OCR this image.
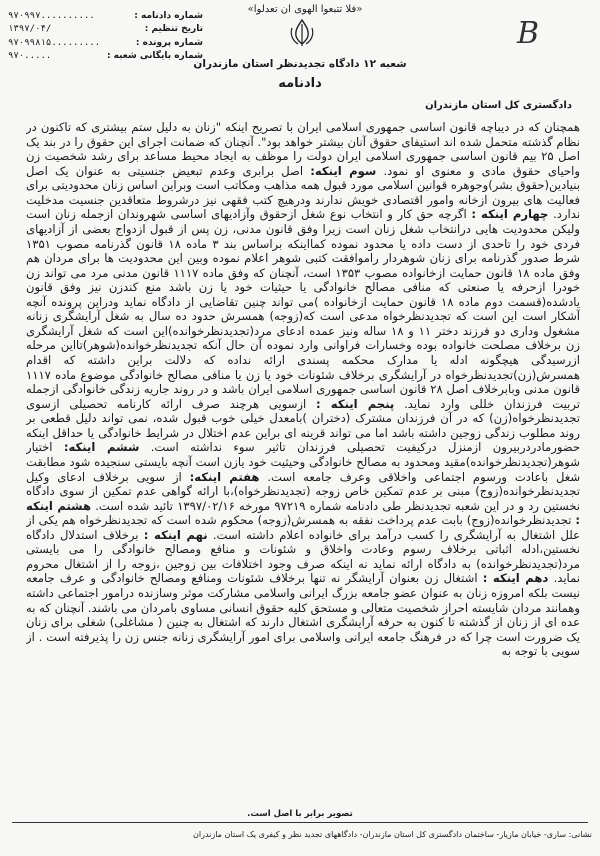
شماره دادنامه :
۹۷۰۹۹۷..........
تاریخ تنظیم :
۱۳۹۷/۰۴/
شماره پرونده :
۹۷۰۹۹۸۱۵.........
شماره بایگانی شعبه :
۹۷۰.....
«فلا تتبعوا الهوی ان تعدلوا»
شعبه ۱۲ دادگاه تجدیدنظر استان مازندران
دادنامه
B
دادگستری کل استان مازندران
همچنان که در دیباچه قانون اساسی جمهوری اسلامی ایران با تصریح اینکه "زنان به دلیل ستم بیشتری که تاکنون در نظام گذشته متحمل شده اند استیفای حقوق آنان بیشتر خواهد بود". آنچنان که ضمانت اجرای این حقوق را در بند یک اصل ۲۵ بیم قانون اساسی جمهوری اسلامی ایران دولت را موظف به ایجاد محیط مساعد برای رشد شخصیت زن واحیای حقوق مادی و معنوی او نمود. سوم اینکه: اصل برابری وعدم تبعیض جنسیتی به عنوان یک اصل بنیادین(حقوق بشر)وجوهره قوانین اسلامی مورد قبول همه مذاهب ومکاتب است وبراین اساس زنان محدودیتی برای فعالیت های بیرون ازخانه وامور اقتصادی خویش ندارند ودرهیچ کتب فقهی نیز درشروط متعاقدین جنسیت مدخلیت ندارد. چهارم اینکه : اگرچه حق کار و انتخاب نوع شغل ازحقوق وآزادیهای اساسی شهروندان ازجمله زنان است ولیکن محدودیت هایی درانتخاب شغل زنان است زیرا وفق قانون مدنی، زن پس از قبول ازدواج بعضی از آزادیهای فردی خود را تاحدی از دست داده یا محدود نموده کمااینکه براساس بند ۳ ماده ۱۸ قانون گذرنامه مصوب ۱۳۵۱ شرط صدور گذرنامه برای زنان شوهردار راموافقت کتبی شوهر اعلام نموده وبین این محدودیت ها برای مردان هم وفق ماده ۱۸ قانون حمایت ازخانواده مصوب ۱۳۵۳ است، آنچنان که وفق ماده ۱۱۱۷ قانون مدنی مرد می تواند زن خودرا ازحرفه یا صنعتی که منافی مصالح خانوادگی یا حیثیات خود یا زن باشد منع کندزن نیز وفق قانون یادشده(قسمت دوم ماده ۱۸ قانون حمایت ازخانواده )می تواند چنین تقاضایی از دادگاه نماید ودراین پرونده آنچه آشکار است این است که تجدیدنظرخواه مدعی است که(زوجه) همسرش حدود ده سال به شغل آرایشگری زنانه مشغول وداری دو فرزند دختر ۱۱ و ۱۸ ساله ونیز عمده ادعای مرد(تجدیدنظرخوانده)این است که شغل آرایشگری زن برخلاف مصلحت خانواده بوده وخسارات فراوانی وارد نموده آن حال آنکه تجدیدنظرخوانده(شوهر)تااین مرحله ازرسیدگی هیچگونه ادله یا مدارک محکمه پسندی ارائه نداده که دلالت براین داشته که اقدام همسرش(زن)تجدیدنظرخواه در آرایشگری برخلاف شئونات خود یا زن یا منافی مصالح خانوادگی موضوع ماده ۱۱۱۷ قانون مدنی وبابرخلاف اصل ۲۸ قانون اساسی جمهوری اسلامی ایران باشد و در روند جاریه زندگی خانوادگی ازجمله تربیت فرزندان خللی وارد نماید. پنجم اینکه : ازسویی هرچند صرف ارائه کارنامه تحصیلی ازسوی تجدیدنظرخواه(زن) که در آن فرزندان مشترک (دختران )بامعدل خیلی خوب قبول شده، نمی تواند دلیل قطعی بر روند مطلوب زندگی زوجین داشته باشد اما می تواند قرینه ای براین عدم اختلال در شرایط خانوادگی یا حداقل اینکه حضورمادردربیرون ازمنزل درکیفیت تحصیلی فرزندان تاثیر سوء نداشته است. ششم اینکه: اختیار شوهر(تجدیدنظرخوانده)مقید ومحدود به مصالح خانوادگی وحیثیت خود یازن است آنچه بایستی سنجیده شود مطابقت شغل باعادت ورسوم اجتماعی واخلاقی وعرف جامعه است. هفتم اینکه: از سویی برخلاف ادعای وکیل تجدیدنظرخوانده(زوج) مبنی بر عدم تمکین خاص زوجه (تجدیدنظرخواه)،با ارائه گواهی عدم تمکین از سوی دادگاه نخستین رد و در این شعبه تجدیدنظر طی دادنامه شماره ۹۷۲۱۹ مورخه ۱۳۹۷/۰۲/۱۶ تائید شده است. هشتم اینکه : تجدیدنظرخوانده(زوج) بابت عدم پرداخت نفقه به همسرش(زوجه) محکوم شده است که تجدیدنظرخواه هم یکی از علل اشتغال به آرایشگری را کسب درآمد برای خانواده اعلام داشته است. نهم اینکه : برخلاف استدلال دادگاه نخستین،ادله اثباتی برخلاف رسوم وعادت واخلاق و شئونات و منافع ومصالح خانوادگی را می بایستی مرد(تجدیدنظرخوانده) به دادگاه ارائه نماید نه اینکه صرف وجود اختلافات بین زوجین ،زوجه را از اشتغال محروم نماید. دهم اینکه : اشتغال زن بعنوان آرایشگر نه تنها برخلاف شئونات ومنافع ومصالح خانوادگی و عرف جامعه نیست بلکه امروزه زنان به عنوان عضو جامعه بزرگ ایرانی واسلامی مشارکت موثر وسازنده درامور اجتماعی داشته وهمانند مردان شایسته احراز شخصیت متعالی و مستحق کلیه حقوق انسانی مساوی بامردان می باشند. آنچنان که به عده ای از زنان از گذشته تا کنون به حرفه آرایشگری اشتغال دارند که اشتغال به چنین ( مشاغلی) شغلی برای زنان یک ضرورت است چرا که در فرهنگ جامعه ایرانی واسلامی برای امور آرایشگری زنانه جنس زن را پذیرفته است . از سویی با توجه به
تصویر برابر با اصل است.
نشانی: ساری- خیابان مازیار- ساختمان دادگستری کل استان مازندران- دادگاههای تجدید نظر و کیفری یک استان مازندران
